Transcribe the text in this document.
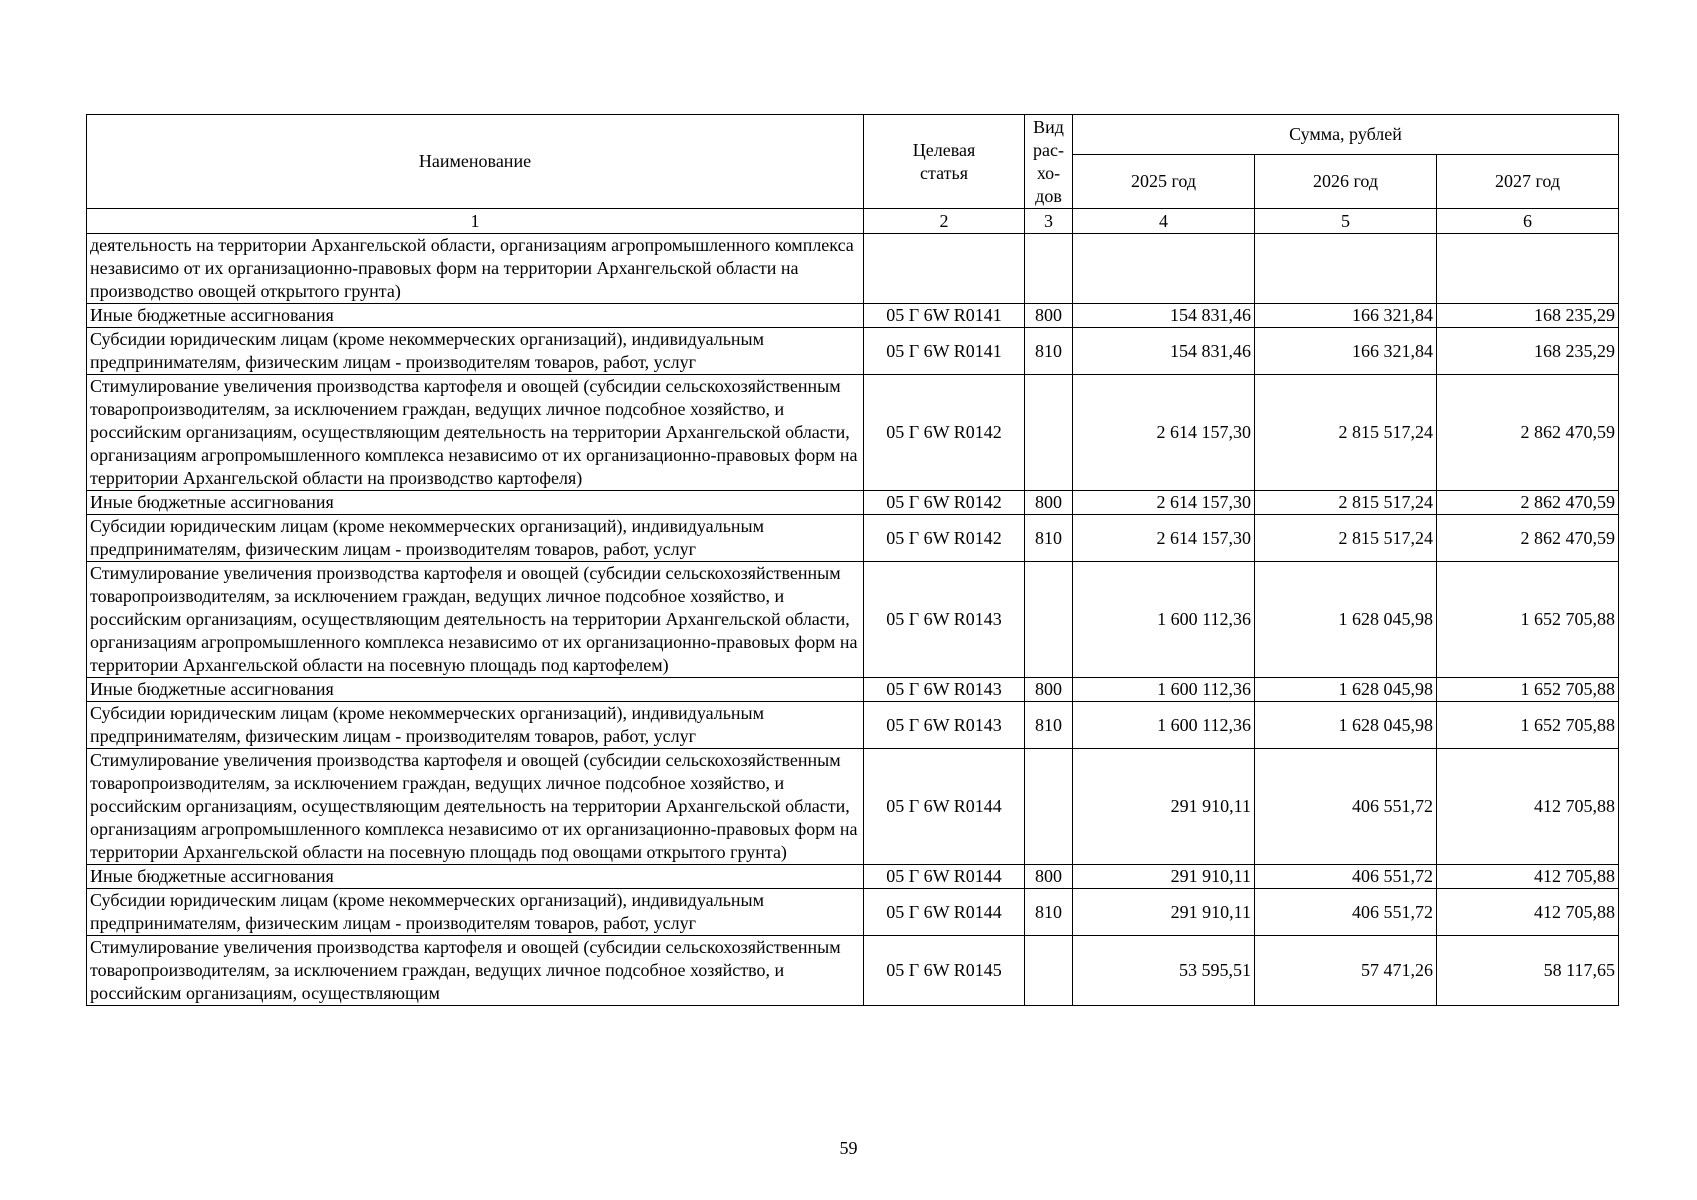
Наименование	Целевая статья	Вид
рас-
хо-
дов	Сумма, рублей		
			2025 год	2026 год	2027 год
1	2	3	4	5	6
деятельность на территории Архангельской области, организациям агропромышленного комплекса независимо от их организационно-правовых форм на территории Архангельской области на производство овощей открытого грунта)					
Иные бюджетные ассигнования	05 Г 6W R0141	800	154 831,46	166 321,84	168 235,29
Субсидии юридическим лицам (кроме некоммерческих организаций), индивидуальным предпринимателям, физическим лицам - производителям товаров, работ, услуг	05 Г 6W R0141	810	154 831,46	166 321,84	168 235,29
Стимулирование увеличения производства картофеля и овощей (субсидии сельскохозяйственным товаропроизводителям, за исключением граждан, ведущих личное подсобное хозяйство, и российским организациям, осуществляющим деятельность на территории Архангельской области, организациям агропромышленного комплекса независимо от их организационно-правовых форм на территории Архангельской области на производство картофеля)	05 Г 6W R0142		2 614 157,30	2 815 517,24	2 862 470,59
Иные бюджетные ассигнования	05 Г 6W R0142	800	2 614 157,30	2 815 517,24	2 862 470,59
Субсидии юридическим лицам (кроме некоммерческих организаций), индивидуальным предпринимателям, физическим лицам - производителям товаров, работ, услуг	05 Г 6W R0142	810	2 614 157,30	2 815 517,24	2 862 470,59
Стимулирование увеличения производства картофеля и овощей (субсидии сельскохозяйственным товаропроизводителям, за исключением граждан, ведущих личное подсобное хозяйство, и российским организациям, осуществляющим деятельность на территории Архангельской области, организациям агропромышленного комплекса независимо от их организационно-правовых форм на территории Архангельской области на посевную площадь под картофелем)	05 Г 6W R0143		1 600 112,36	1 628 045,98	1 652 705,88
Иные бюджетные ассигнования	05 Г 6W R0143	800	1 600 112,36	1 628 045,98	1 652 705,88
Субсидии юридическим лицам (кроме некоммерческих организаций), индивидуальным предпринимателям, физическим лицам - производителям товаров, работ, услуг	05 Г 6W R0143	810	1 600 112,36	1 628 045,98	1 652 705,88
Стимулирование увеличения производства картофеля и овощей (субсидии сельскохозяйственным товаропроизводителям, за исключением граждан, ведущих личное подсобное хозяйство, и российским организациям, осуществляющим деятельность на территории Архангельской области, организациям агропромышленного комплекса независимо от их организационно-правовых форм на территории Архангельской области на посевную площадь под овощами открытого грунта)	05 Г 6W R0144		291 910,11	406 551,72	412 705,88
Иные бюджетные ассигнования	05 Г 6W R0144	800	291 910,11	406 551,72	412 705,88
Субсидии юридическим лицам (кроме некоммерческих организаций), индивидуальным предпринимателям, физическим лицам - производителям товаров, работ, услуг	05 Г 6W R0144	810	291 910,11	406 551,72	412 705,88
Стимулирование увеличения производства картофеля и овощей (субсидии сельскохозяйственным товаропроизводителям, за исключением граждан, ведущих личное подсобное хозяйство, и российским организациям, осуществляющим	05 Г 6W R0145		53 595,51	57 471,26	58 117,65
59
